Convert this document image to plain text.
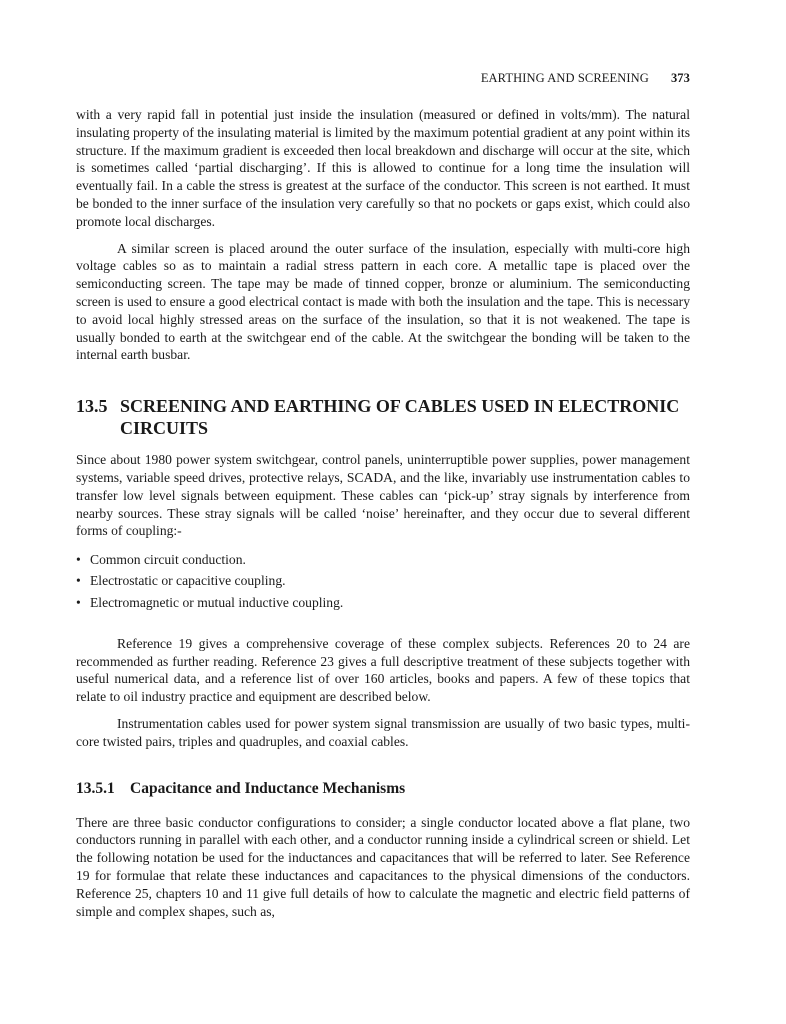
EARTHING AND SCREENING 373

with a very rapid fall in potential just inside the insulation (measured or defined in volts/mm). The natural insulating property of the insulating material is limited by the maximum potential gradient at any point within its structure. If the maximum gradient is exceeded then local breakdown and discharge will occur at the site, which is sometimes called ‘partial discharging’. If this is allowed to continue for a long time the insulation will eventually fail. In a cable the stress is greatest at the surface of the conductor. This screen is not earthed. It must be bonded to the inner surface of the insulation very carefully so that no pockets or gaps exist, which could also promote local discharges.

A similar screen is placed around the outer surface of the insulation, especially with multi-core high voltage cables so as to maintain a radial stress pattern in each core. A metallic tape is placed over the semiconducting screen. The tape may be made of tinned copper, bronze or aluminium. The semiconducting screen is used to ensure a good electrical contact is made with both the insulation and the tape. This is necessary to avoid local highly stressed areas on the surface of the insulation, so that it is not weakened. The tape is usually bonded to earth at the switchgear end of the cable. At the switchgear the bonding will be taken to the internal earth busbar.

13.5 SCREENING AND EARTHING OF CABLES USED IN ELECTRONIC CIRCUITS

Since about 1980 power system switchgear, control panels, uninterruptible power supplies, power management systems, variable speed drives, protective relays, SCADA, and the like, invariably use instrumentation cables to transfer low level signals between equipment. These cables can ‘pick-up’ stray signals by interference from nearby sources. These stray signals will be called ‘noise’ hereinafter, and they occur due to several different forms of coupling:-

• Common circuit conduction.
• Electrostatic or capacitive coupling.
• Electromagnetic or mutual inductive coupling.

Reference 19 gives a comprehensive coverage of these complex subjects. References 20 to 24 are recommended as further reading. Reference 23 gives a full descriptive treatment of these subjects together with useful numerical data, and a reference list of over 160 articles, books and papers. A few of these topics that relate to oil industry practice and equipment are described below.

Instrumentation cables used for power system signal transmission are usually of two basic types, multi-core twisted pairs, triples and quadruples, and coaxial cables.

13.5.1 Capacitance and Inductance Mechanisms

There are three basic conductor configurations to consider; a single conductor located above a flat plane, two conductors running in parallel with each other, and a conductor running inside a cylindrical screen or shield. Let the following notation be used for the inductances and capacitances that will be referred to later. See Reference 19 for formulae that relate these inductances and capacitances to the physical dimensions of the conductors. Reference 25, chapters 10 and 11 give full details of how to calculate the magnetic and electric field patterns of simple and complex shapes, such as,
